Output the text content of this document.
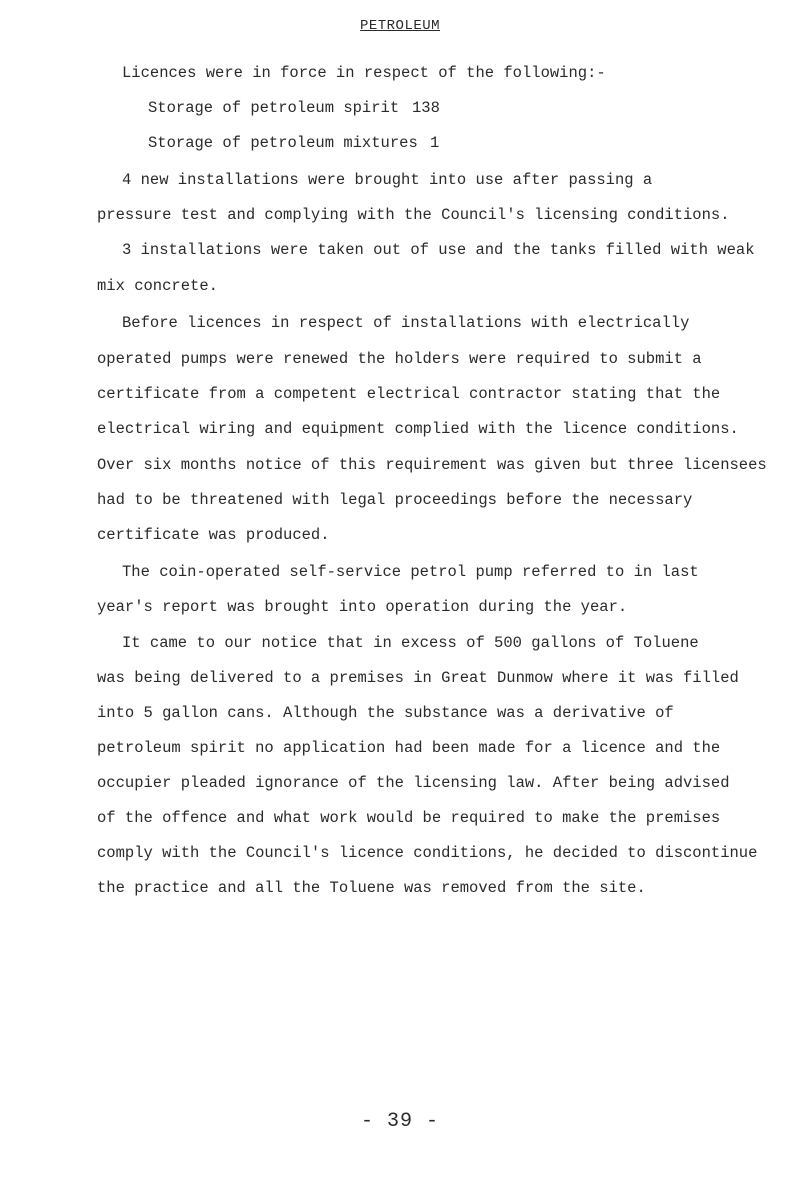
PETROLEUM
Licences were in force in respect of the following:-
Storage of petroleum spirit 138
Storage of petroleum mixtures 1
4 new installations were brought into use after passing a
pressure test and complying with the Council's licensing conditions.
3 installations were taken out of use and the tanks filled with weak
mix concrete.
Before licences in respect of installations with electrically
operated pumps were renewed the holders were required to submit a
certificate from a competent electrical contractor stating that the
electrical wiring and equipment complied with the licence conditions.
Over six months notice of this requirement was given but three licensees
had to be threatened with legal proceedings before the necessary
certificate was produced.
The coin-operated self-service petrol pump referred to in last
year's report was brought into operation during the year.
It came to our notice that in excess of 500 gallons of Toluene
was being delivered to a premises in Great Dunmow where it was filled
into 5 gallon cans. Although the substance was a derivative of
petroleum spirit no application had been made for a licence and the
occupier pleaded ignorance of the licensing law. After being advised
of the offence and what work would be required to make the premises
comply with the Council's licence conditions, he decided to discontinue
the practice and all the Toluene was removed from the site.
- 39 -
